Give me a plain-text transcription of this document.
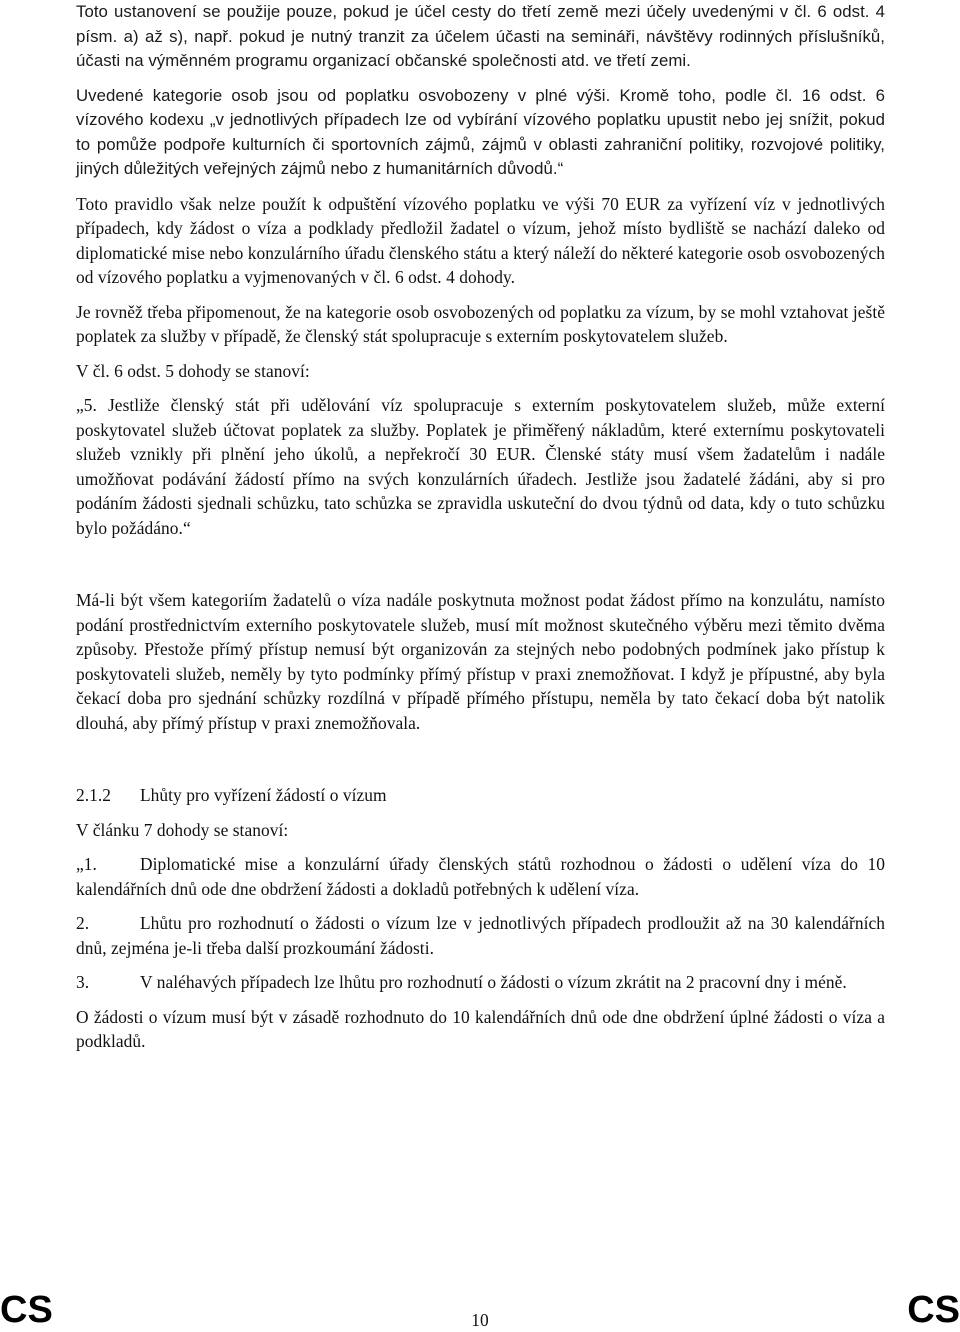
Toto ustanovení se použije pouze, pokud je účel cesty do třetí země mezi účely uvedenými v čl. 6 odst. 4 písm. a) až s), např. pokud je nutný tranzit za účelem účasti na semináři, návštěvy rodinných příslušníků, účasti na výměnném programu organizací občanské společnosti atd. ve třetí zemi.

Uvedené kategorie osob jsou od poplatku osvobozeny v plné výši. Kromě toho, podle čl. 16 odst. 6 vízového kodexu „v jednotlivých případech lze od vybírání vízového poplatku upustit nebo jej snížit, pokud to pomůže podpoře kulturních či sportovních zájmů, zájmů v oblasti zahraniční politiky, rozvojové politiky, jiných důležitých veřejných zájmů nebo z humanitárních důvodů.“

Toto pravidlo však nelze použít k odpuštění vízového poplatku ve výši 70 EUR za vyřízení víz v jednotlivých případech, kdy žádost o víza a podklady předložil žadatel o vízum, jehož místo bydliště se nachází daleko od diplomatické mise nebo konzulárního úřadu členského státu a který náleží do některé kategorie osob osvobozených od vízového poplatku a vyjmenovaných v čl. 6 odst. 4 dohody.

Je rovněž třeba připomenout, že na kategorie osob osvobozených od poplatku za vízum, by se mohl vztahovat ještě poplatek za služby v případě, že členský stát spolupracuje s externím poskytovatelem služeb.

V čl. 6 odst. 5 dohody se stanoví:

„5. Jestliže členský stát při udělování víz spolupracuje s externím poskytovatelem služeb, může externí poskytovatel služeb účtovat poplatek za služby. Poplatek je přiměřený nákladům, které externímu poskytovateli služeb vznikly při plnění jeho úkolů, a nepřekročí 30 EUR. Členské státy musí všem žadatelům i nadále umožňovat podávání žádostí přímo na svých konzulárních úřadech. Jestliže jsou žadatelé žádáni, aby si pro podáním žádosti sjednali schůzku, tato schůzka se zpravidla uskuteční do dvou týdnů od data, kdy o tuto schůzku bylo požádáno.“

Má-li být všem kategoriím žadatelů o víza nadále poskytnuta možnost podat žádost přímo na konzulátu, namísto podání prostřednictvím externího poskytovatele služeb, musí mít možnost skutečného výběru mezi těmito dvěma způsoby. Přestože přímý přístup nemusí být organizován za stejných nebo podobných podmínek jako přístup k poskytovateli služeb, neměly by tyto podmínky přímý přístup v praxi znemožňovat. I když je přípustné, aby byla čekací doba pro sjednání schůzky rozdílná v případě přímého přístupu, neměla by tato čekací doba být natolik dlouhá, aby přímý přístup v praxi znemožňovala.

2.1.2 Lhůty pro vyřízení žádostí o vízum

V článku 7 dohody se stanoví:

„1. Diplomatické mise a konzulární úřady členských států rozhodnou o žádosti o udělení víza do 10 kalendářních dnů ode dne obdržení žádosti a dokladů potřebných k udělení víza.

2.	Lhůtu pro rozhodnutí o žádosti o vízum lze v jednotlivých případech prodloužit až na 30 kalendářních dnů, zejména je-li třeba další prozkoumání žádosti.

3.	V naléhavých případech lze lhůtu pro rozhodnutí o žádosti o vízum zkrátit na 2 pracovní dny i méně.

O žádosti o vízum musí být v zásadě rozhodnuto do 10 kalendářních dnů ode dne obdržení úplné žádosti o víza a podkladů.

CS	10	CS
